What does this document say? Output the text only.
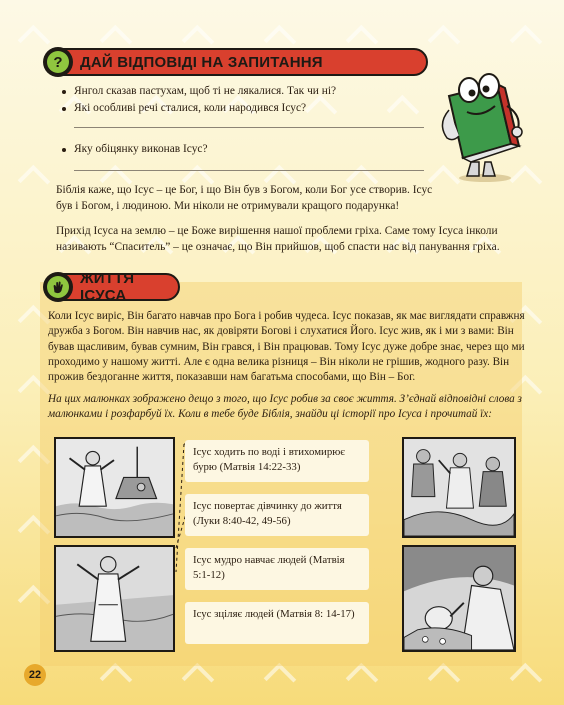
?	ДАЙ ВІДПОВІДІ НА ЗАПИТАННЯ
Янгол сказав пастухам, щоб ті не лякалися. Так чи ні?
Які особливі речі сталися, коли народився Ісус?
Яку обіцянку виконав Ісус?
Біблія каже, що Ісус – це Бог, і що Він був з Богом, коли Бог усе створив. Ісус був і Богом, і людиною. Ми ніколи не отримували кращого подарунка!
Прихід Ісуса на землю – це Боже вирішення нашої проблеми гріха. Саме тому Ісуса інколи називають “Спаситель” – це означає, що Він прийшов, щоб спасти нас від панування гріха.
ЖИТТЯ ІСУСА
Коли Ісус виріс, Він багато навчав про Бога і робив чудеса. Ісус показав, як має виглядати справжня дружба з Богом. Він навчив нас, як довіряти Богові і слухатися Його. Ісус жив, як і ми з вами: Він бував щасливим, бував сумним, Він грався, і Він працював. Тому Ісус дуже добре знає, через що ми проходимо у нашому житті. Але є одна велика різниця – Він ніколи не грішив, жодного разу. Він прожив бездоганне життя, показавши нам багатьма способами, що Він – Бог.
На цих малюнках зображено дещо з того, що Ісус робив за своє життя. З’єднай відповідні слова з малюнками і розфарбуй їх. Коли в тебе буде Біблія, знайди ці історії про Ісуса і прочитай їх:
Ісус ходить по воді і втихомирює бурю (Матвія 14:22-33)
Ісус повертає дівчинку до життя (Луки 8:40-42, 49-56)
Ісус мудро навчає людей (Матвія 5:1-12)
Ісус зціляє людей (Матвія 8: 14-17)
22
